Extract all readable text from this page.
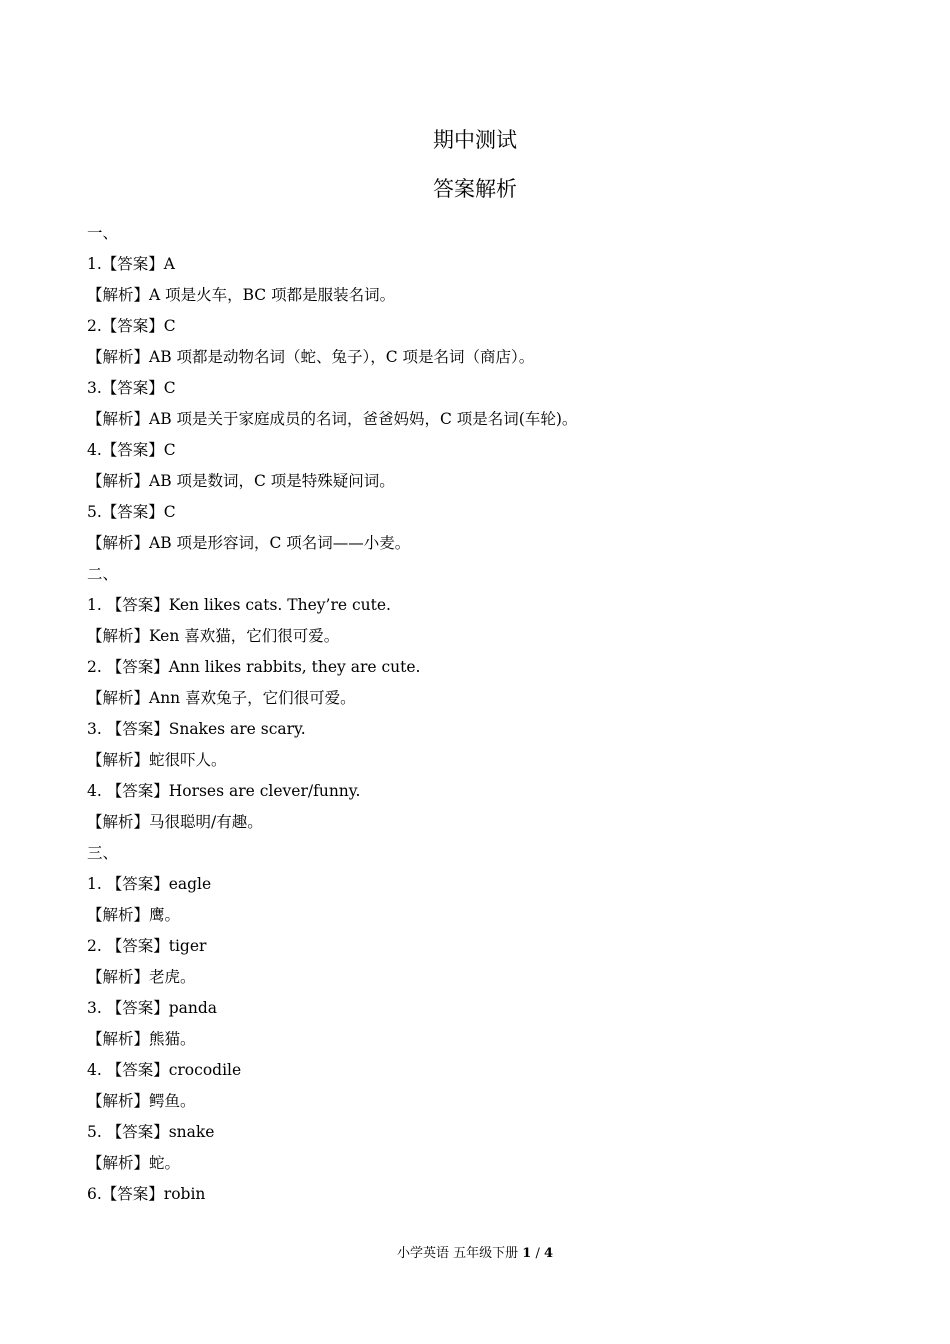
期中测试
答案解析
一、
1.【答案】A
【解析】A 项是火车，BC 项都是服装名词。
2.【答案】C
【解析】AB 项都是动物名词（蛇、兔子），C 项是名词（商店）。
3.【答案】C
【解析】AB 项是关于家庭成员的名词，爸爸妈妈，C 项是名词(车轮)。
4.【答案】C
【解析】AB 项是数词，C 项是特殊疑问词。
5.【答案】C
【解析】AB 项是形容词，C 项名词——小麦。
二、
1. 【答案】Ken likes cats. They’re cute.
【解析】Ken 喜欢猫，它们很可爱。
2. 【答案】Ann likes rabbits, they are cute.
【解析】Ann 喜欢兔子，它们很可爱。
3. 【答案】Snakes are scary.
【解析】蛇很吓人。
4. 【答案】Horses are clever/funny.
【解析】马很聪明/有趣。
三、
1. 【答案】eagle
【解析】鹰。
2. 【答案】tiger
【解析】老虎。
3. 【答案】panda
【解析】熊猫。
4. 【答案】crocodile
【解析】鳄鱼。
5. 【答案】snake
【解析】蛇。
6.【答案】robin
小学英语 五年级下册 1 / 4
